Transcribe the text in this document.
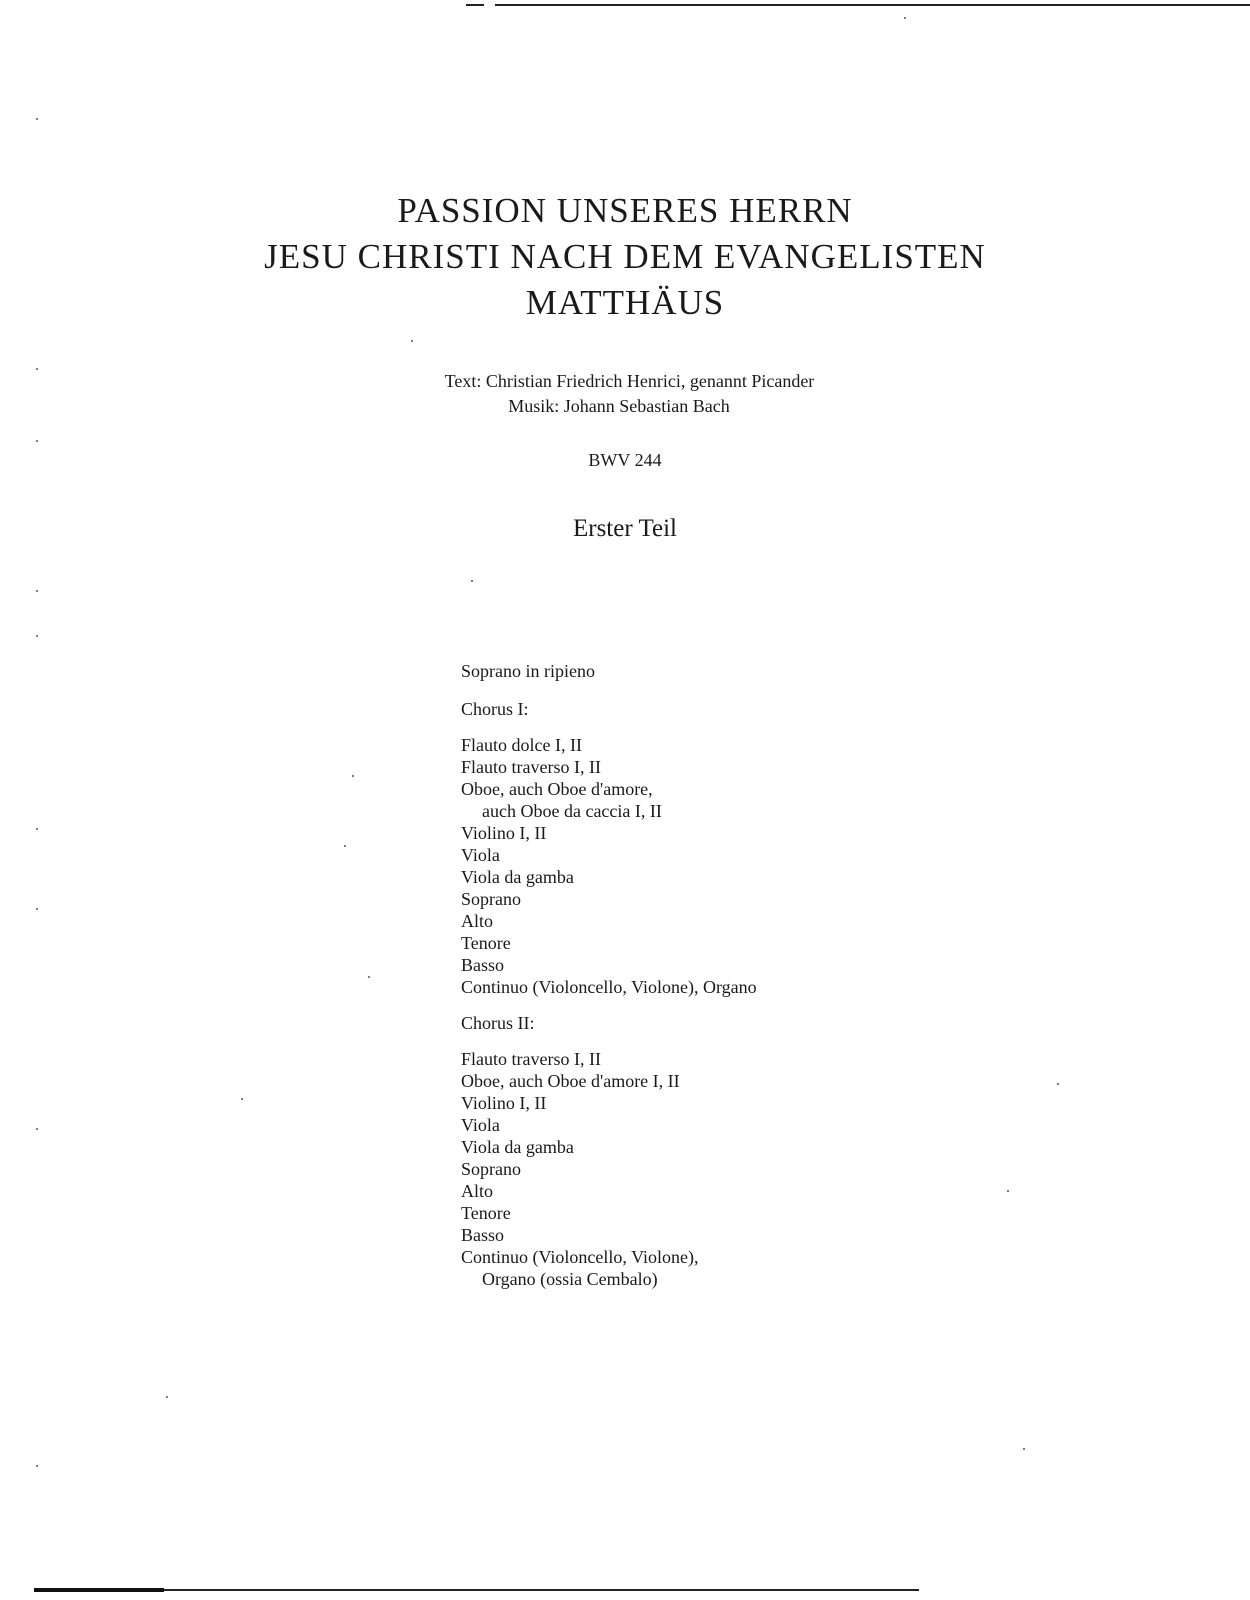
PASSION UNSERES HERRN

JESU CHRISTI NACH DEM EVANGELISTEN

MATTHÄUS

Text: Christian Friedrich Henrici, genannt Picander
Musik: Johann Sebastian Bach
BWV 244
Erster Teil
Soprano in ripieno
Chorus I:
Flauto dolce I, II
Flauto traverso I, II
Oboe, auch Oboe d'amore,
auch Oboe da caccia I, II
Violino I, II
Viola
Viola da gamba
Soprano
Alto
Tenore
Basso
Continuo (Violoncello, Violone), Organo
Chorus II:
Flauto traverso I, II
Oboe, auch Oboe d'amore I, II
Violino I, II
Viola
Viola da gamba
Soprano
Alto
Tenore
Basso
Continuo (Violoncello, Violone),
Organo (ossia Cembalo)
